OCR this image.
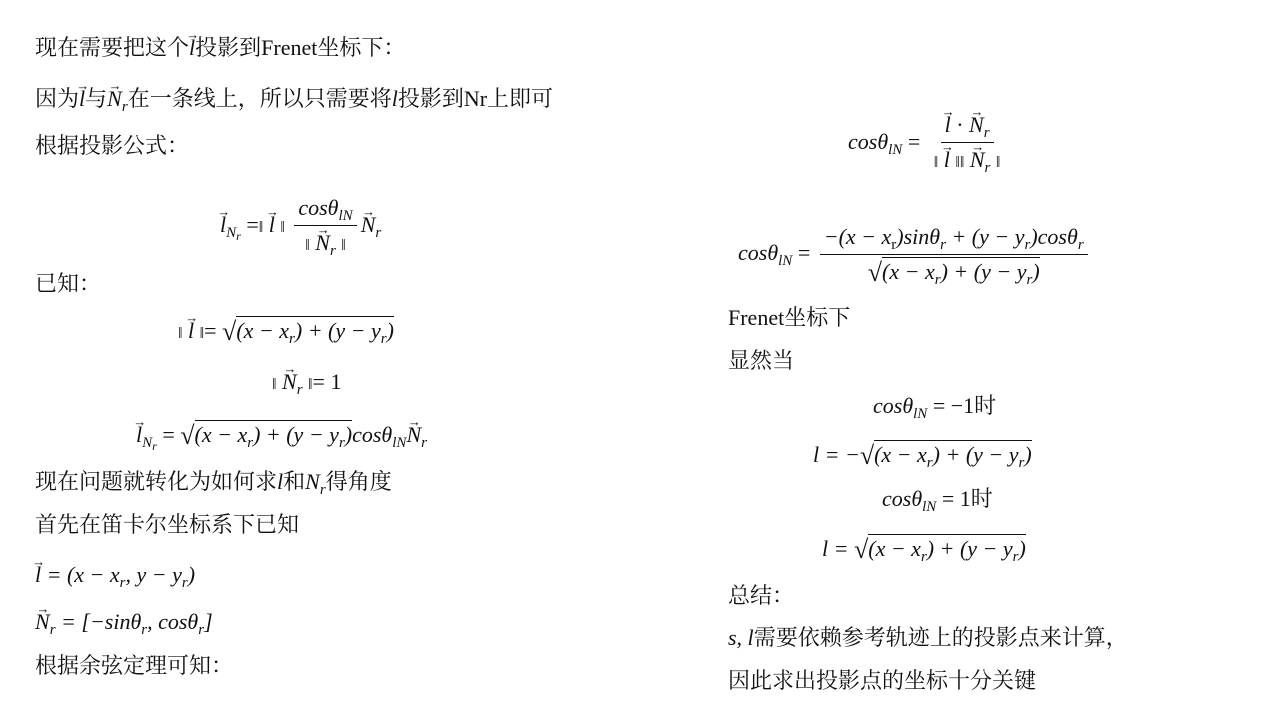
现在需要把这个→ l投影到Frenet坐标下：
因为→ l与→ $N_r$在一条线上，所以只需要将l投影到Nr上即可
根据投影公式：
→ $l_{N_r}$ =‖ → l ‖ $\frac{\cos\theta_{lN}}{‖ \to N_r ‖} \to N_r$
已知：
‖ → l ‖= $√(x - x_r) + (y - y_r)$
‖ → $N_r$ ‖= 1
→ $l_{N_r} = √(x - x_r) + (y - y_r)\cos\theta_{lN}\to N_r$
现在问题就转化为如何求l和$N_r$得角度
首先在笛卡尔坐标系下已知
→ $l = (x - x_r$, $y - y_r$)
→ $N_r = [-\sin\theta_r$, cosθ$_r$]
根据余弦定理可知：
cosθ$_{lN}$ = → $\frac{l \cdot \to N_r}{‖ \to l ‖‖ \to N_r ‖}$
$\cos\theta_{lN} = \frac{-(x - x_r)\sin\theta_r + (y - y_r)\cos\theta_r}{√(x - x_r) + (y - y_r)}$
Frenet坐标下
显然当
cosθ$_{lN}$ = −1时
$l = -√(x - x_r) + (y - y_r)$
cosθ$_{lN}$ = 1时
$l = √(x - x_r) + (y - y_r)$
总结：
s, l需要依赖参考轨迹上的投影点来计算，
因此求出投影点的坐标十分关键
